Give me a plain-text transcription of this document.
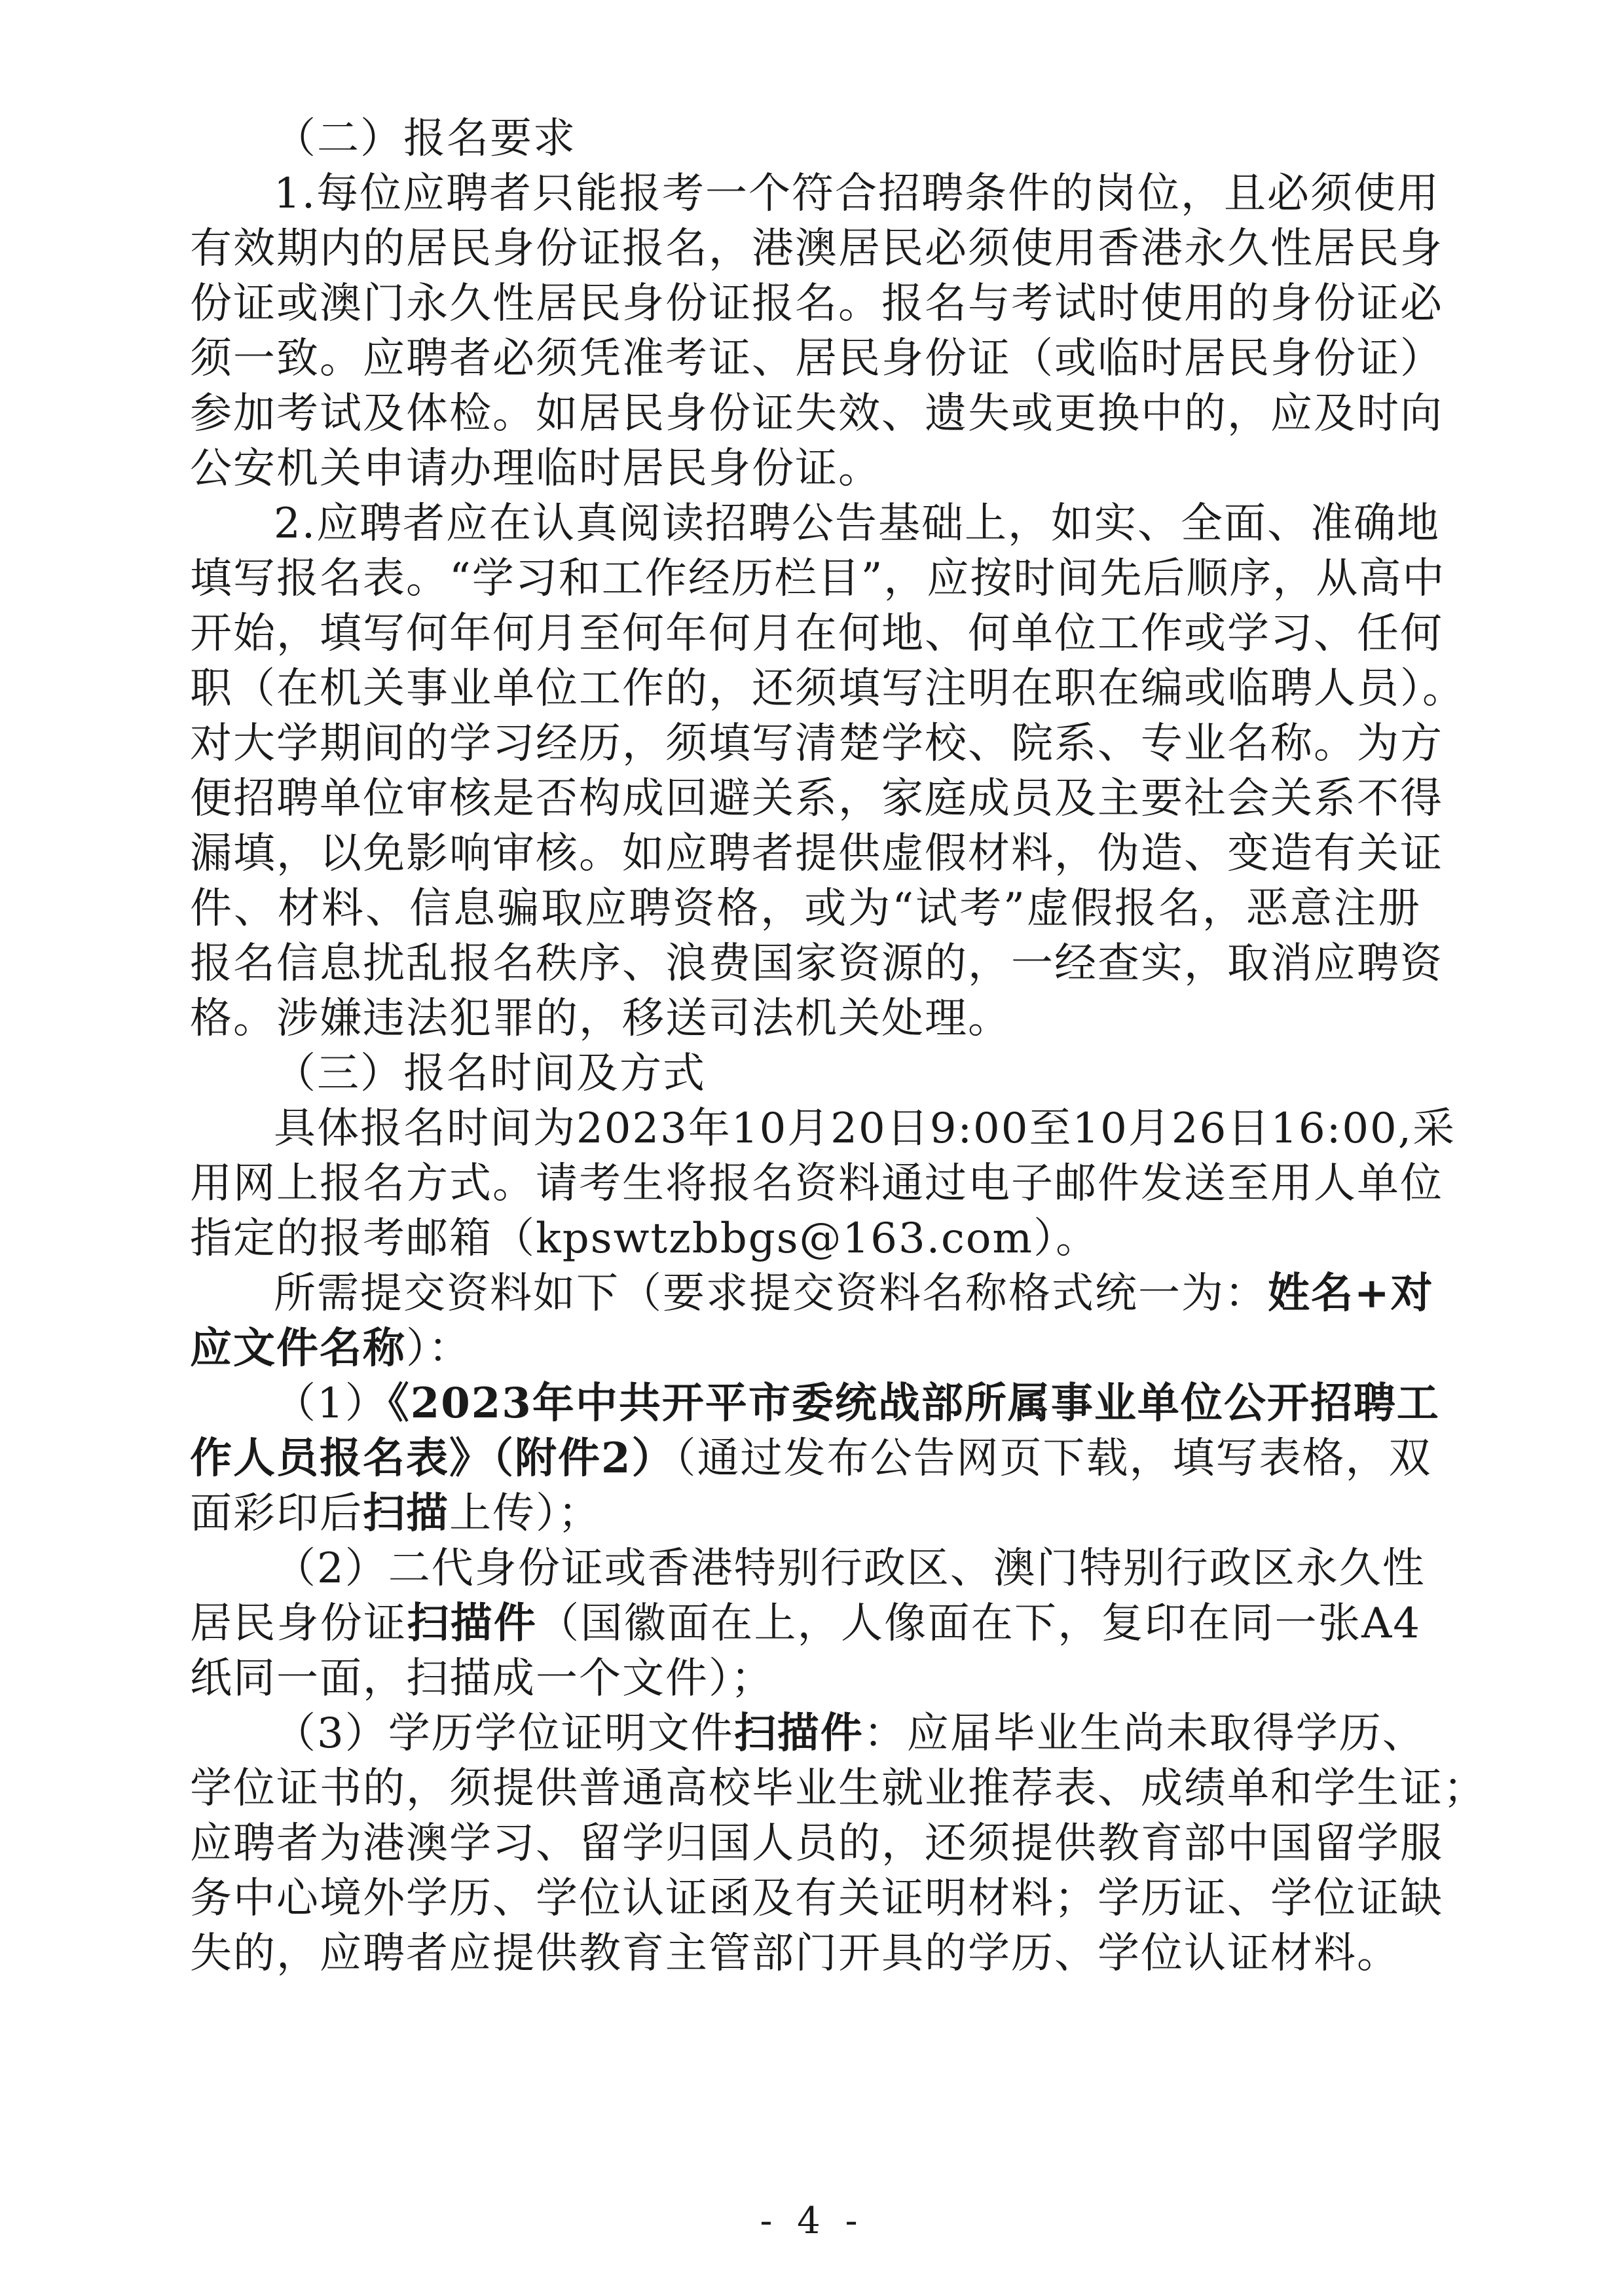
（二）报名要求
1.每位应聘者只能报考一个符合招聘条件的岗位，且必须使用
有效期内的居民身份证报名，港澳居民必须使用香港永久性居民身
份证或澳门永久性居民身份证报名。报名与考试时使用的身份证必
须一致。应聘者必须凭准考证、居民身份证（或临时居民身份证）
参加考试及体检。如居民身份证失效、遗失或更换中的，应及时向
公安机关申请办理临时居民身份证。
2.应聘者应在认真阅读招聘公告基础上，如实、全面、准确地
填写报名表。“学习和工作经历栏目”，应按时间先后顺序，从高中
开始，填写何年何月至何年何月在何地、何单位工作或学习、任何
职（在机关事业单位工作的，还须填写注明在职在编或临聘人员）。
对大学期间的学习经历，须填写清楚学校、院系、专业名称。为方
便招聘单位审核是否构成回避关系，家庭成员及主要社会关系不得
漏填，以免影响审核。如应聘者提供虚假材料，伪造、变造有关证
件、材料、信息骗取应聘资格，或为“试考”虚假报名，恶意注册
报名信息扰乱报名秩序、浪费国家资源的，一经查实，取消应聘资
格。涉嫌违法犯罪的，移送司法机关处理。
（三）报名时间及方式
具体报名时间为2023年10月20日9:00至10月26日16:00,采
用网上报名方式。请考生将报名资料通过电子邮件发送至用人单位
指定的报考邮箱（kpswtzbbgs@163.com）。
所需提交资料如下（要求提交资料名称格式统一为：姓名+对
应文件名称）：
（1）《2023年中共开平市委统战部所属事业单位公开招聘工
作人员报名表》（附件2）（通过发布公告网页下载，填写表格，双
面彩印后扫描上传）；
（2）二代身份证或香港特别行政区、澳门特别行政区永久性
居民身份证扫描件（国徽面在上，人像面在下，复印在同一张A4
纸同一面，扫描成一个文件）；
（3）学历学位证明文件扫描件：应届毕业生尚未取得学历、
学位证书的，须提供普通高校毕业生就业推荐表、成绩单和学生证；
应聘者为港澳学习、留学归国人员的，还须提供教育部中国留学服
务中心境外学历、学位认证函及有关证明材料；学历证、学位证缺
失的，应聘者应提供教育主管部门开具的学历、学位认证材料。
- 4 -
